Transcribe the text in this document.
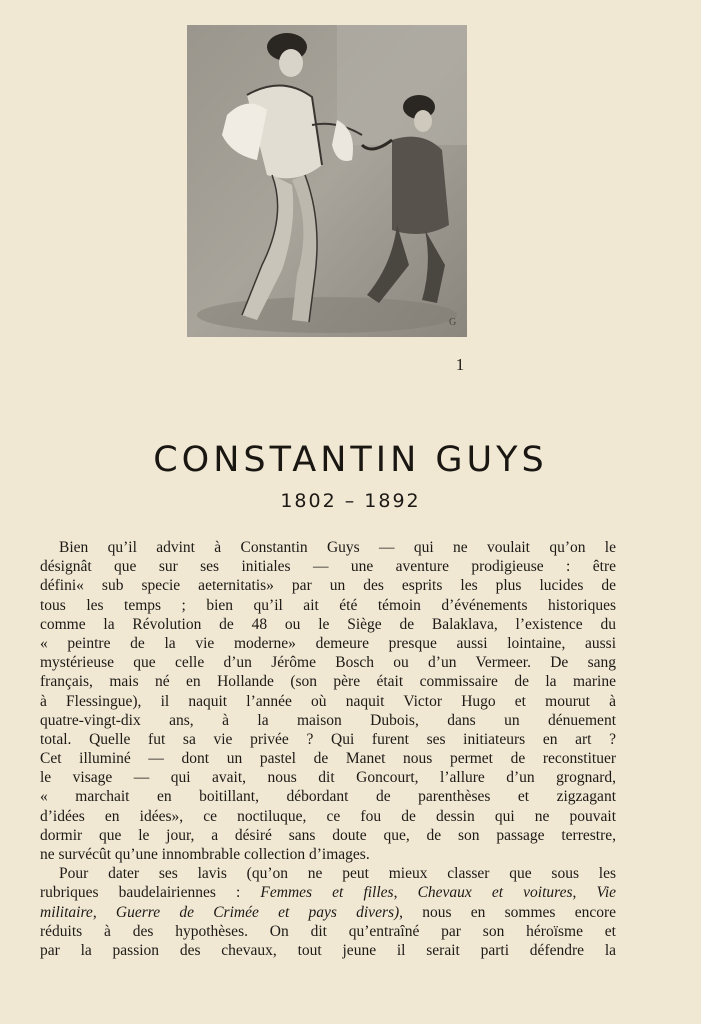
G
1
CONSTANTIN GUYS
1802 – 1892
Bien qu’il advint à Constantin Guys — qui ne voulait qu’on le
désignât que sur ses initiales — une aventure prodigieuse : être
défini« sub specie aeternitatis» par un des esprits les plus lucides de
tous les temps ; bien qu’il ait été témoin d’événements historiques
comme la Révolution de 48 ou le Siège de Balaklava, l’existence du
« peintre de la vie moderne» demeure presque aussi lointaine, aussi
mystérieuse que celle d’un Jérôme Bosch ou d’un Vermeer. De sang
français, mais né en Hollande (son père était commissaire de la marine
à Flessingue), il naquit l’année où naquit Victor Hugo et mourut à
quatre-vingt-dix ans, à la maison Dubois, dans un dénuement
total. Quelle fut sa vie privée ? Qui furent ses initiateurs en art ?
Cet illuminé — dont un pastel de Manet nous permet de reconstituer
le visage — qui avait, nous dit Goncourt, l’allure d’un grognard,
« marchait en boitillant, débordant de parenthèses et zigzagant
d’idées en idées», ce noctiluque, ce fou de dessin qui ne pouvait
dormir que le jour, a désiré sans doute que, de son passage terrestre,
ne survécût qu’une innombrable collection d’images.
Pour dater ses lavis (qu’on ne peut mieux classer que sous les
rubriques baudelairiennes : Femmes et filles, Chevaux et voitures, Vie
militaire, Guerre de Crimée et pays divers), nous en sommes encore
réduits à des hypothèses. On dit qu’entraîné par son héroïsme et
par la passion des chevaux, tout jeune il serait parti défendre la
